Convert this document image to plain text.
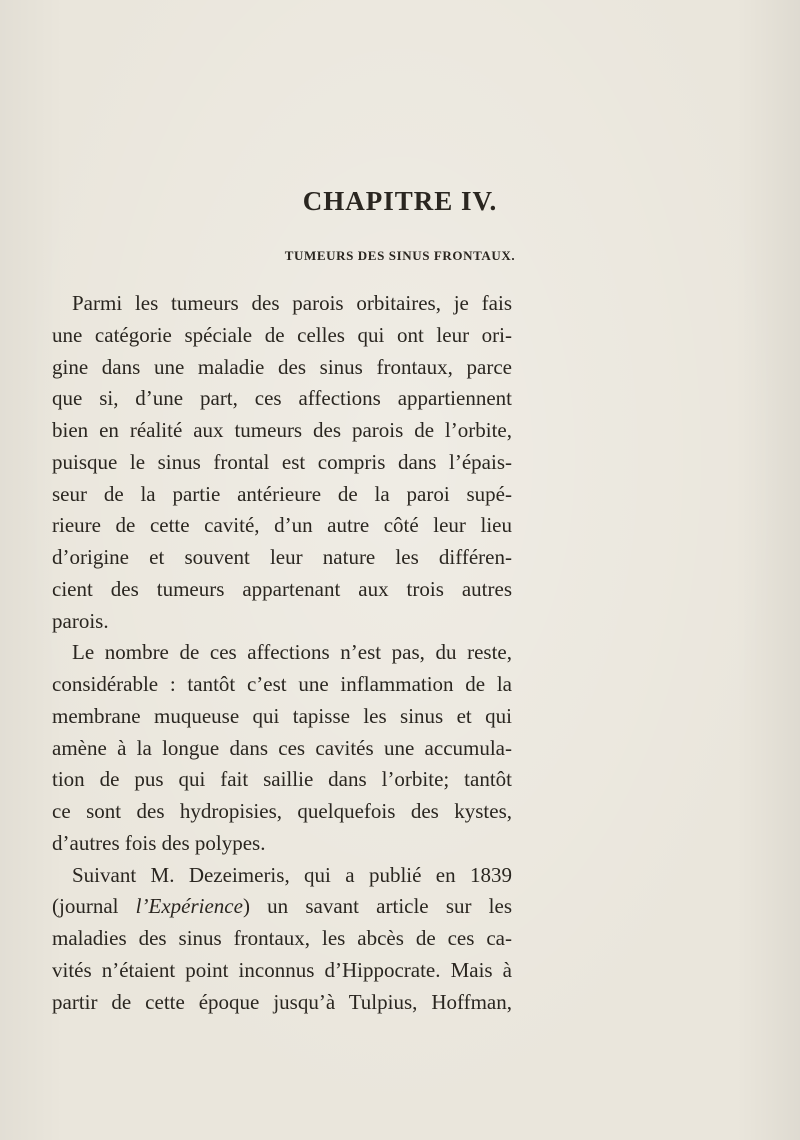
CHAPITRE IV.
TUMEURS DES SINUS FRONTAUX.
Parmi les tumeurs des parois orbitaires, je fais
une catégorie spéciale de celles qui ont leur ori-
gine dans une maladie des sinus frontaux, parce
que si, d’une part, ces affections appartiennent
bien en réalité aux tumeurs des parois de l’orbite,
puisque le sinus frontal est compris dans l’épais-
seur de la partie antérieure de la paroi supé-
rieure de cette cavité, d’un autre côté leur lieu
d’origine et souvent leur nature les différen-
cient des tumeurs appartenant aux trois autres
parois.
Le nombre de ces affections n’est pas, du reste,
considérable : tantôt c’est une inflammation de la
membrane muqueuse qui tapisse les sinus et qui
amène à la longue dans ces cavités une accumula-
tion de pus qui fait saillie dans l’orbite; tantôt
ce sont des hydropisies, quelquefois des kystes,
d’autres fois des polypes.
Suivant M. Dezeimeris, qui a publié en 1839
(journal l’Expérience) un savant article sur les
maladies des sinus frontaux, les abcès de ces ca-
vités n’étaient point inconnus d’Hippocrate. Mais à
partir de cette époque jusqu’à Tulpius, Hoffman,
